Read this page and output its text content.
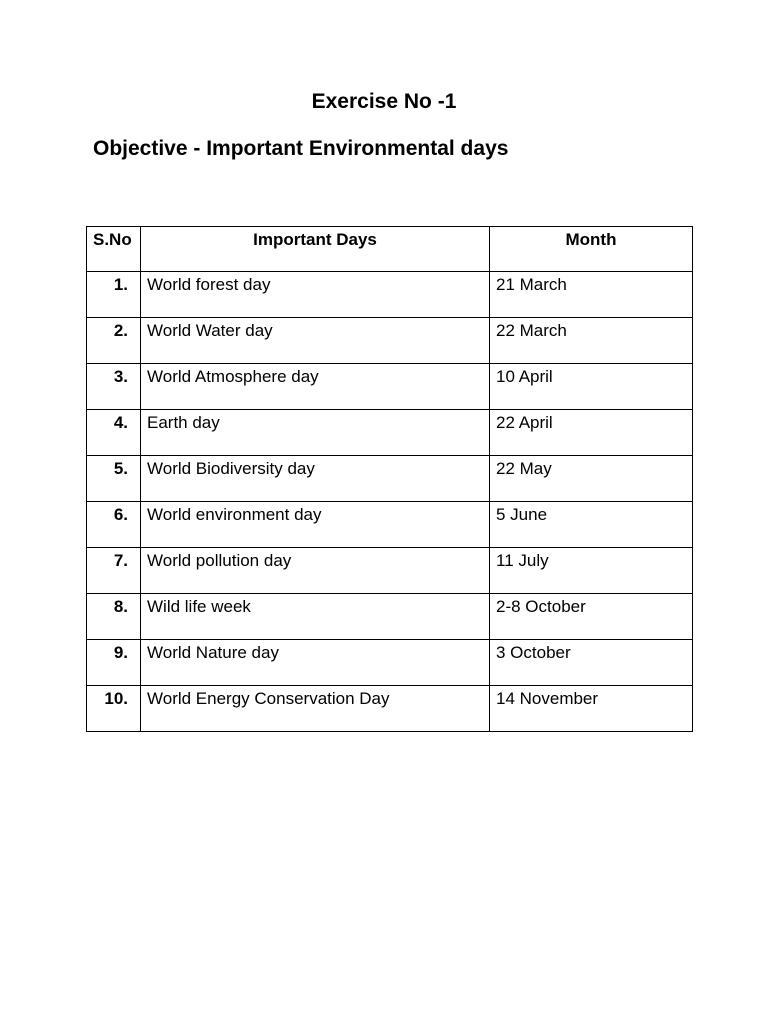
Exercise No -1
Objective - Important Environmental days
S.No	Important Days	Month
1.	World forest day	21 March
2.	World Water day	22 March
3.	World Atmosphere day	10 April
4.	Earth day	22 April
5.	World Biodiversity day	22 May
6.	World environment day	5 June
7.	World pollution day	11 July
8.	Wild life week	2-8 October
9.	World Nature day	3 October
10.	World Energy Conservation Day	14 November
